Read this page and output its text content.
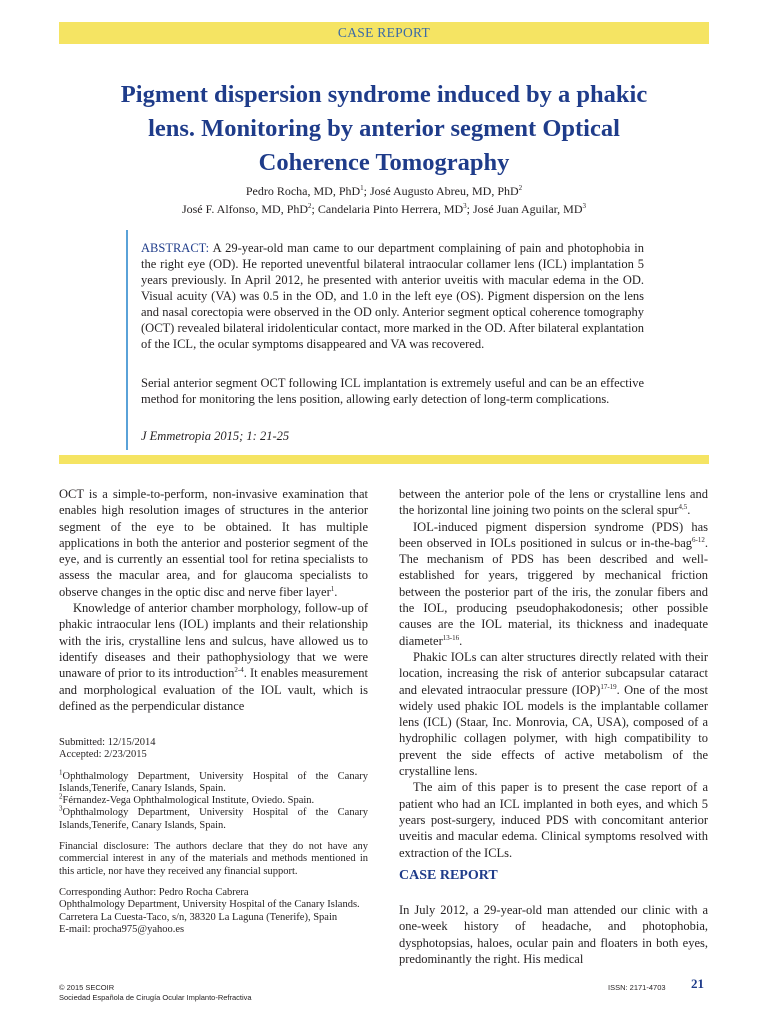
CASE REPORT
Pigment dispersion syndrome induced by a phakic lens. Monitoring by anterior segment Optical Coherence Tomography
Pedro Rocha, MD, PhD$^1$; José Augusto Abreu, MD, PhD$^2$
José F. Alfonso, MD, PhD$^2$; Candelaria Pinto Herrera, $MD^3$; José Juan Aguilar, $MD^3$

ABSTRACT: A 29-year-old man came to our department complaining of pain and photophobia in the right eye (OD). He reported uneventful bilateral intraocular collamer lens (ICL) implantation 5 years previously. In April 2012, he presented with anterior uveitis with macular edema in the OD. Visual acuity (VA) was 0.5 in the OD, and 1.0 in the left eye (OS). Pigment dispersion on the lens and nasal corectopia were observed in the OD only. Anterior segment optical coherence tomography (OCT) revealed bilateral iridolenticular contact, more marked in the OD. After bilateral explantation of the ICL, the ocular symptoms disappeared and VA was recovered.

Serial anterior segment OCT following ICL implantation is extremely useful and can be an effective method for monitoring the lens position, allowing early detection of long-term complications.

J Emmetropia 2015; 1: 21-25

OCT is a simple-to-perform, non-invasive examination that enables high resolution images of structures in the anterior segment of the eye to be obtained. It has multiple applications in both the anterior and posterior segment of the eye, and is currently an essential tool for retina specialists to assess the macular area, and for glaucoma specialists to observe changes in the optic disc and nerve fiber layer$^1$.

Knowledge of anterior chamber morphology, follow-up of phakic intraocular lens (IOL) implants and their relationship with the iris, crystalline lens and sulcus, have allowed us to identify diseases and their pathophysiology that we were unaware of prior to its introduction$^{2-4}$. It enables measurement and morphological evaluation of the IOL vault, which is defined as the perpendicular distance

Submitted: 12/15/2014

Accepted: 2/23/2015

$^1$Ophthalmology Department, University Hospital of the Canary Islands,Tenerife, Canary Islands, Spain.

$^2$Férnandez-Vega Ophthalmological Institute, Oviedo. Spain.

$^3$Ophthalmology Department, University Hospital of the Canary Islands,Tenerife, Canary Islands, Spain.

Financial disclosure: The authors declare that they do not have any commercial interest in any of the materials and methods mentioned in this article, nor have they received any financial support.

Corresponding Author: Pedro Rocha Cabrera

Ophthalmology Department, University Hospital of the Canary Islands.

Carretera La Cuesta-Taco, s/n, 38320 La Laguna (Tenerife), Spain

E-mail: procha975@yahoo.es

between the anterior pole of the lens or crystalline lens and the horizontal line joining two points on the scleral spur$^{4,5}$.

IOL-induced pigment dispersion syndrome (PDS) has been observed in IOLs positioned in sulcus or in-the-bag$^{6-12}$. The mechanism of PDS has been described and well-established for years, triggered by mechanical friction between the posterior part of the iris, the zonular fibers and the IOL, producing pseudophakodonesis; other possible causes are the IOL material, its thickness and inadequate diameter$^{13-16}$.

Phakic IOLs can alter structures directly related with their location, increasing the risk of anterior subcapsular cataract and elevated intraocular pressure (IOP)$^{17-19}$. One of the most widely used phakic IOL models is the implantable collamer lens (ICL) (Staar, Inc. Monrovia, CA, USA), composed of a hydrophilic collagen polymer, with high compatibility to prevent the side effects of active metabolism of the crystalline lens.

The aim of this paper is to present the case report of a patient who had an ICL implanted in both eyes, and which 5 years post-surgery, induced PDS with concomitant anterior uveitis and macular edema. Clinical symptoms resolved with extraction of the ICLs.

CASE REPORT

In July 2012, a 29-year-old man attended our clinic with a one-week history of headache, and photophobia, dysphotopsias, haloes, ocular pain and floaters in both eyes, predominantly the right. His medical

© 2015 SECOIR
Sociedad Española de Cirugía Ocular Implanto-Refractiva
ISSN: 2171-4703 21
